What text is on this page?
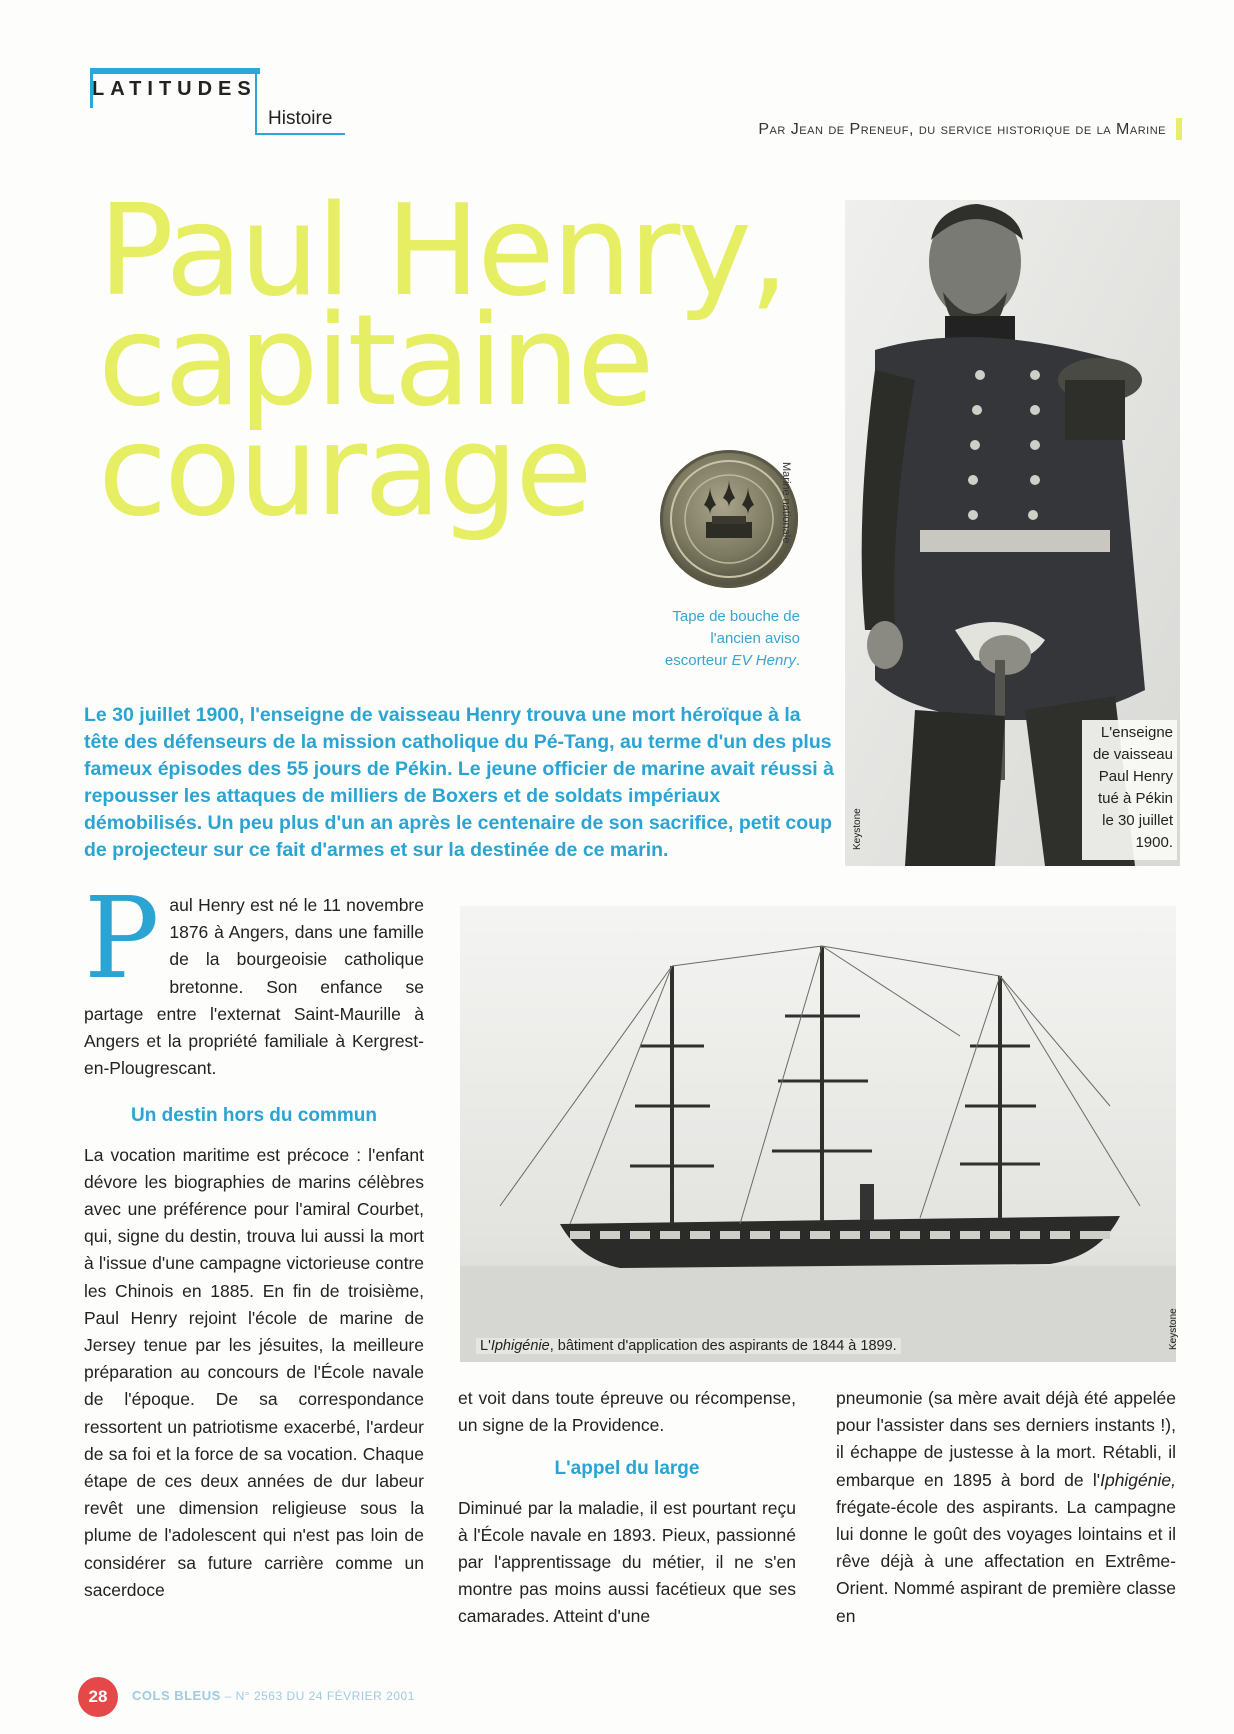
LATITUDES
Histoire
Par Jean de Preneuf, du service historique de la Marine
Paul Henry,
capitaine
courage	Marine nationale
Tape de bouche de
l'ancien aviso
escorteur EV Henry.
Keystone
L'enseigne de vaisseau Paul Henry tué à Pékin le 30 juillet 1900.
Le 30 juillet 1900, l'enseigne de vaisseau Henry trouva une mort héroïque à la tête des défenseurs de la mission catholique du Pé-Tang, au terme d'un des plus fameux épisodes des 55 jours de Pékin. Le jeune officier de marine avait réussi à repousser les attaques de milliers de Boxers et de soldats impériaux démobilisés. Un peu plus d'un an après le centenaire de son sacrifice, petit coup de projecteur sur ce fait d'armes et sur la destinée de ce marin.
L'Iphigénie, bâtiment d'application des aspirants de 1844 à 1899.	Keystone

Paul Henry est né le 11 novembre 1876 à Angers, dans une famille de la bourgeoisie catholique bretonne. Son enfance se partage entre l'externat Saint-Maurille à Angers et la propriété familiale à Kergrest-en-Plougrescant.

Un destin hors du commun

La vocation maritime est précoce : l'enfant dévore les biographies de marins célèbres avec une préférence pour l'amiral Courbet, qui, signe du destin, trouva lui aussi la mort à l'issue d'une campagne victorieuse contre les Chinois en 1885. En fin de troisième, Paul Henry rejoint l'école de marine de Jersey tenue par les jésuites, la meilleure préparation au concours de l'École navale de l'époque. De sa correspondance ressortent un patriotisme exacerbé, l'ardeur de sa foi et la force de sa vocation. Chaque étape de ces deux années de dur labeur revêt une dimension religieuse sous la plume de l'adolescent qui n'est pas loin de considérer sa future carrière comme un sacerdoce

et voit dans toute épreuve ou récompense, un signe de la Providence.

L'appel du large

Diminué par la maladie, il est pourtant reçu à l'École navale en 1893. Pieux, passionné par l'apprentissage du métier, il ne s'en montre pas moins aussi facétieux que ses camarades. Atteint d'une

pneumonie (sa mère avait déjà été appelée pour l'assister dans ses derniers instants !), il échappe de justesse à la mort. Rétabli, il embarque en 1895 à bord de l'Iphigénie, frégate-école des aspirants. La campagne lui donne le goût des voyages lointains et il rêve déjà à une affectation en Extrême-Orient. Nommé aspirant de première classe en

28	COLS BLEUS – N° 2563 DU 24 FÉVRIER 2001
